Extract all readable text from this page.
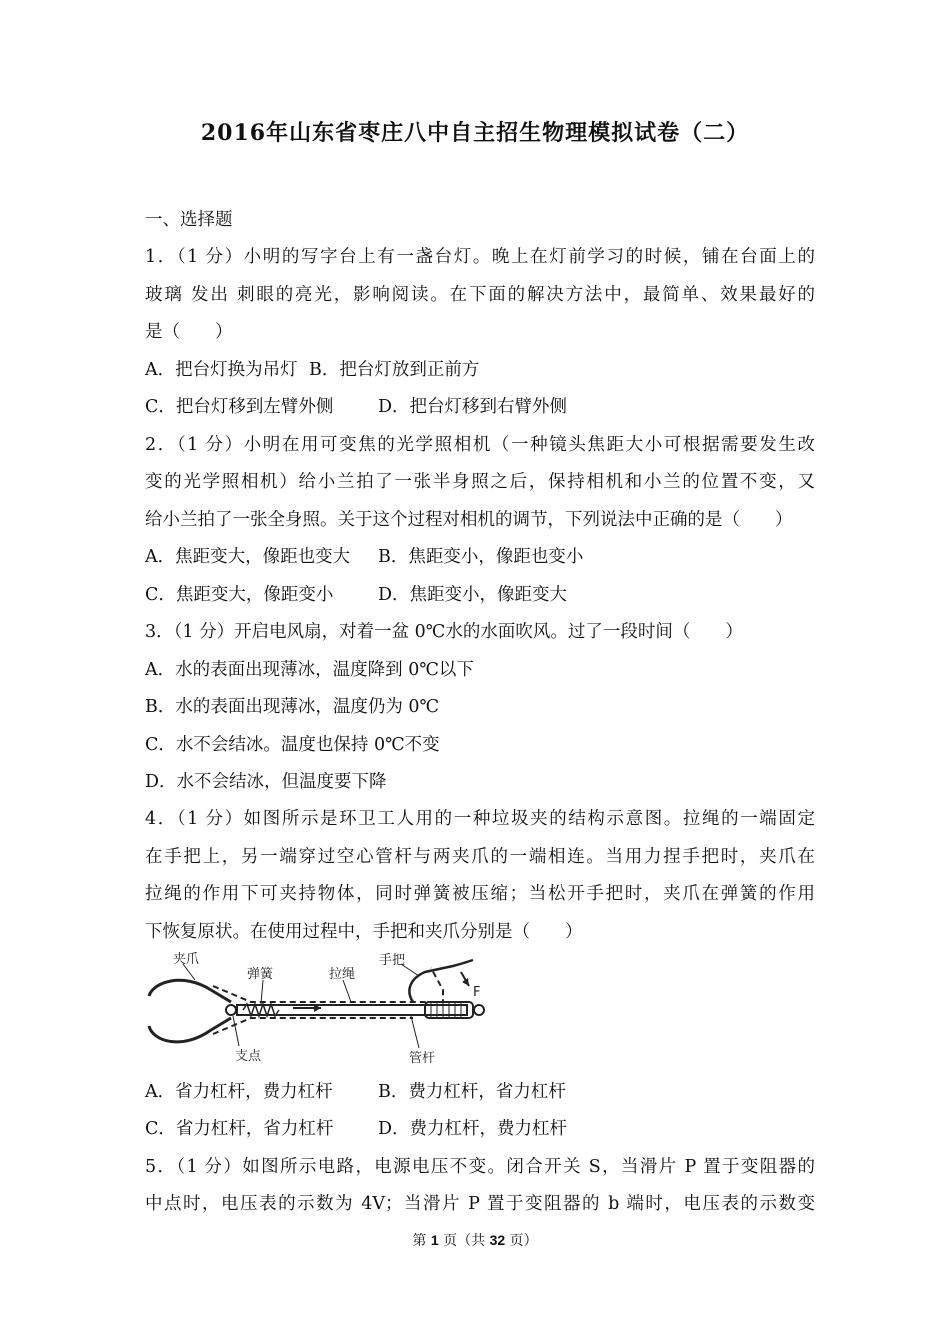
2016年山东省枣庄八中自主招生物理模拟试卷（二）
一、选择题
1．（1 分）小明的写字台上有一盏台灯。晚上在灯前学习的时候，铺在台面上的
玻璃 发出 刺眼的亮光，影响阅读。在下面的解决方法中，最简单、效果最好的
是（　　）
A．把台灯换为吊灯 B．把台灯放到正前方
C．把台灯移到左臂外侧	D．把台灯移到右臂外侧
2．（1 分）小明在用可变焦的光学照相机（一种镜头焦距大小可根据需要发生改
变的光学照相机）给小兰拍了一张半身照之后，保持相机和小兰的位置不变，又
给小兰拍了一张全身照。关于这个过程对相机的调节，下列说法中正确的是（　　）
A．焦距变大，像距也变大 B．焦距变小，像距也变小
C．焦距变大，像距变小	D．焦距变小，像距变大
3．（1 分）开启电风扇，对着一盆 0℃水的水面吹风。过了一段时间（　　）
A．水的表面出现薄冰，温度降到 0℃以下
B．水的表面出现薄冰，温度仍为 0℃
C．水不会结冰。温度也保持 0℃不变
D．水不会结冰，但温度要下降
4．（1 分）如图所示是环卫工人用的一种垃圾夹的结构示意图。拉绳的一端固定
在手把上，另一端穿过空心管杆与两夹爪的一端相连。当用力捏手把时，夹爪在
拉绳的作用下可夹持物体，同时弹簧被压缩；当松开手把时，夹爪在弹簧的作用
下恢复原状。在使用过程中，手把和夹爪分别是（　　）
夹爪
弹簧	拉绳
手把
F
支点	管杆
A．省力杠杆，费力杠杆	B．费力杠杆，省力杠杆
C．省力杠杆，省力杠杆	D．费力杠杆，费力杠杆
5．（1 分）如图所示电路，电源电压不变。闭合开关 S，当滑片 P 置于变阻器的
中点时，电压表的示数为 4V；当滑片 P 置于变阻器的 b 端时，电压表的示数变
第 1 页（共 32 页）
